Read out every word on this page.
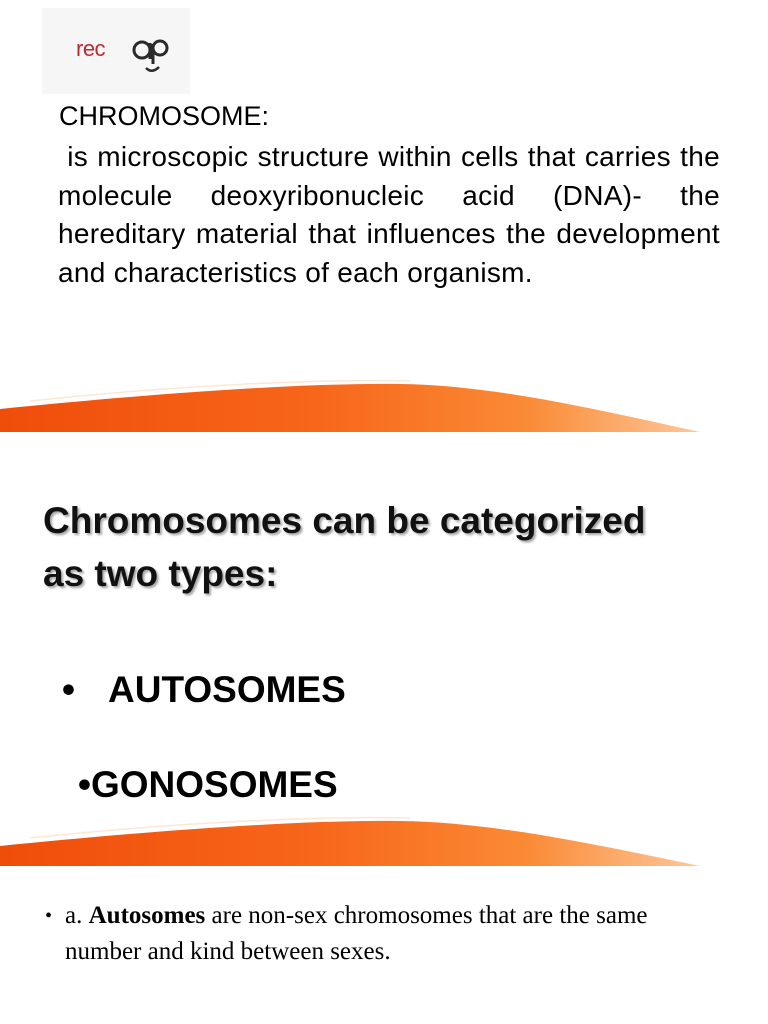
rec
CHROMOSOME:

is microscopic structure within cells that carries the molecule deoxyribonucleic acid (DNA)- the hereditary material that influences the development and characteristics of each organism.

Chromosomes can be categorized as two types:
• AUTOSOMES
•GONOSOMES
• a. Autosomes are non-sex chromosomes that are the same
number and kind between sexes.
